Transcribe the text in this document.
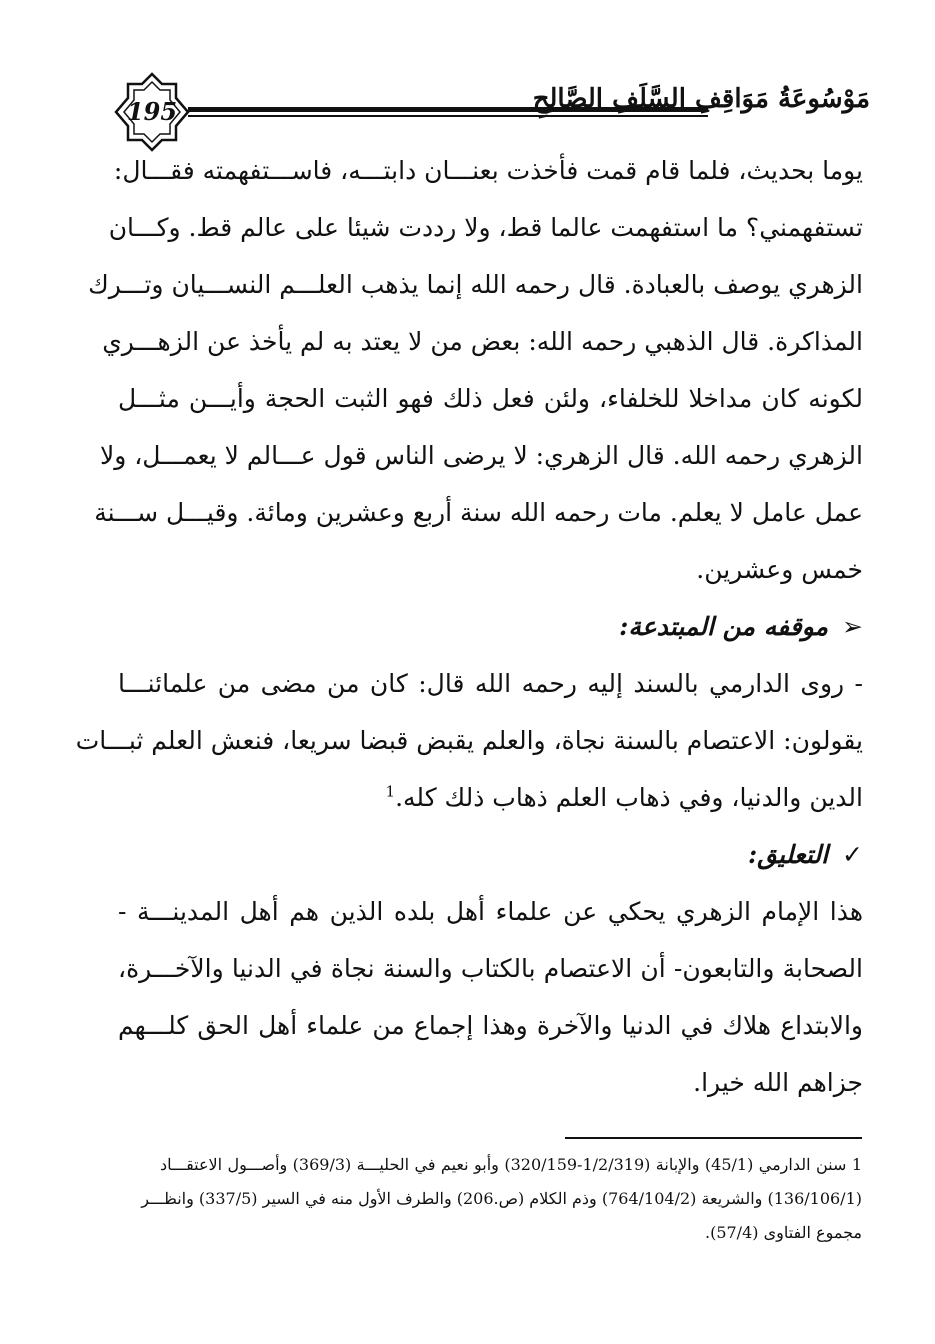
195	مَوْسُوعَةُ مَوَاقِفِ السَّلَفِ الصَّالِحِ
يوما بحديث، فلما قام قمت فأخذت بعنـــان دابتـــه، فاســـتفهمته فقـــال:
تستفهمني؟ ما استفهمت عالما قط، ولا رددت شيئا على عالم قط. وكـــان
الزهري يوصف بالعبادة. قال رحمه الله إنما يذهب العلـــم النســـيان وتـــرك
المذاكرة. قال الذهبي رحمه الله: بعض من لا يعتد به لم يأخذ عن الزهـــري
لكونه كان مداخلا للخلفاء، ولئن فعل ذلك فهو الثبت الحجة وأيـــن مثـــل
الزهري رحمه الله. قال الزهري: لا يرضى الناس قول عـــالم لا يعمـــل، ولا
عمل عامل لا يعلم. مات رحمه الله سنة أربع وعشرين ومائة. وقيـــل ســـنة
خمس وعشرين.
➢موقفه من المبتدعة:
- روى الدارمي بالسند إليه رحمه الله قال: كان من مضى من علمائنـــا
يقولون: الاعتصام بالسنة نجاة، والعلم يقبض قبضا سريعا، فنعش العلم ثبـــات
الدين والدنيا، وفي ذهاب العلم ذهاب ذلك كله.$^1$
✓التعليق:
هذا الإمام الزهري يحكي عن علماء أهل بلده الذين هم أهل المدينـــة -
الصحابة والتابعون- أن الاعتصام بالكتاب والسنة نجاة في الدنيا والآخـــرة،
والابتداع هلاك في الدنيا والآخرة وهذا إجماع من علماء أهل الحق كلـــهم
جزاهم الله خيرا.
1 سنن الدارمي (45/1) والإبانة (1/2/319-320/159) وأبو نعيم في الحليـــة (369/3) وأصـــول الاعتقـــاد
(136/106/1) والشريعة (764/104/2) وذم الكلام (ص.206) والطرف الأول منه في السير (337/5) وانظـــر
مجموع الفتاوى (57/4).
